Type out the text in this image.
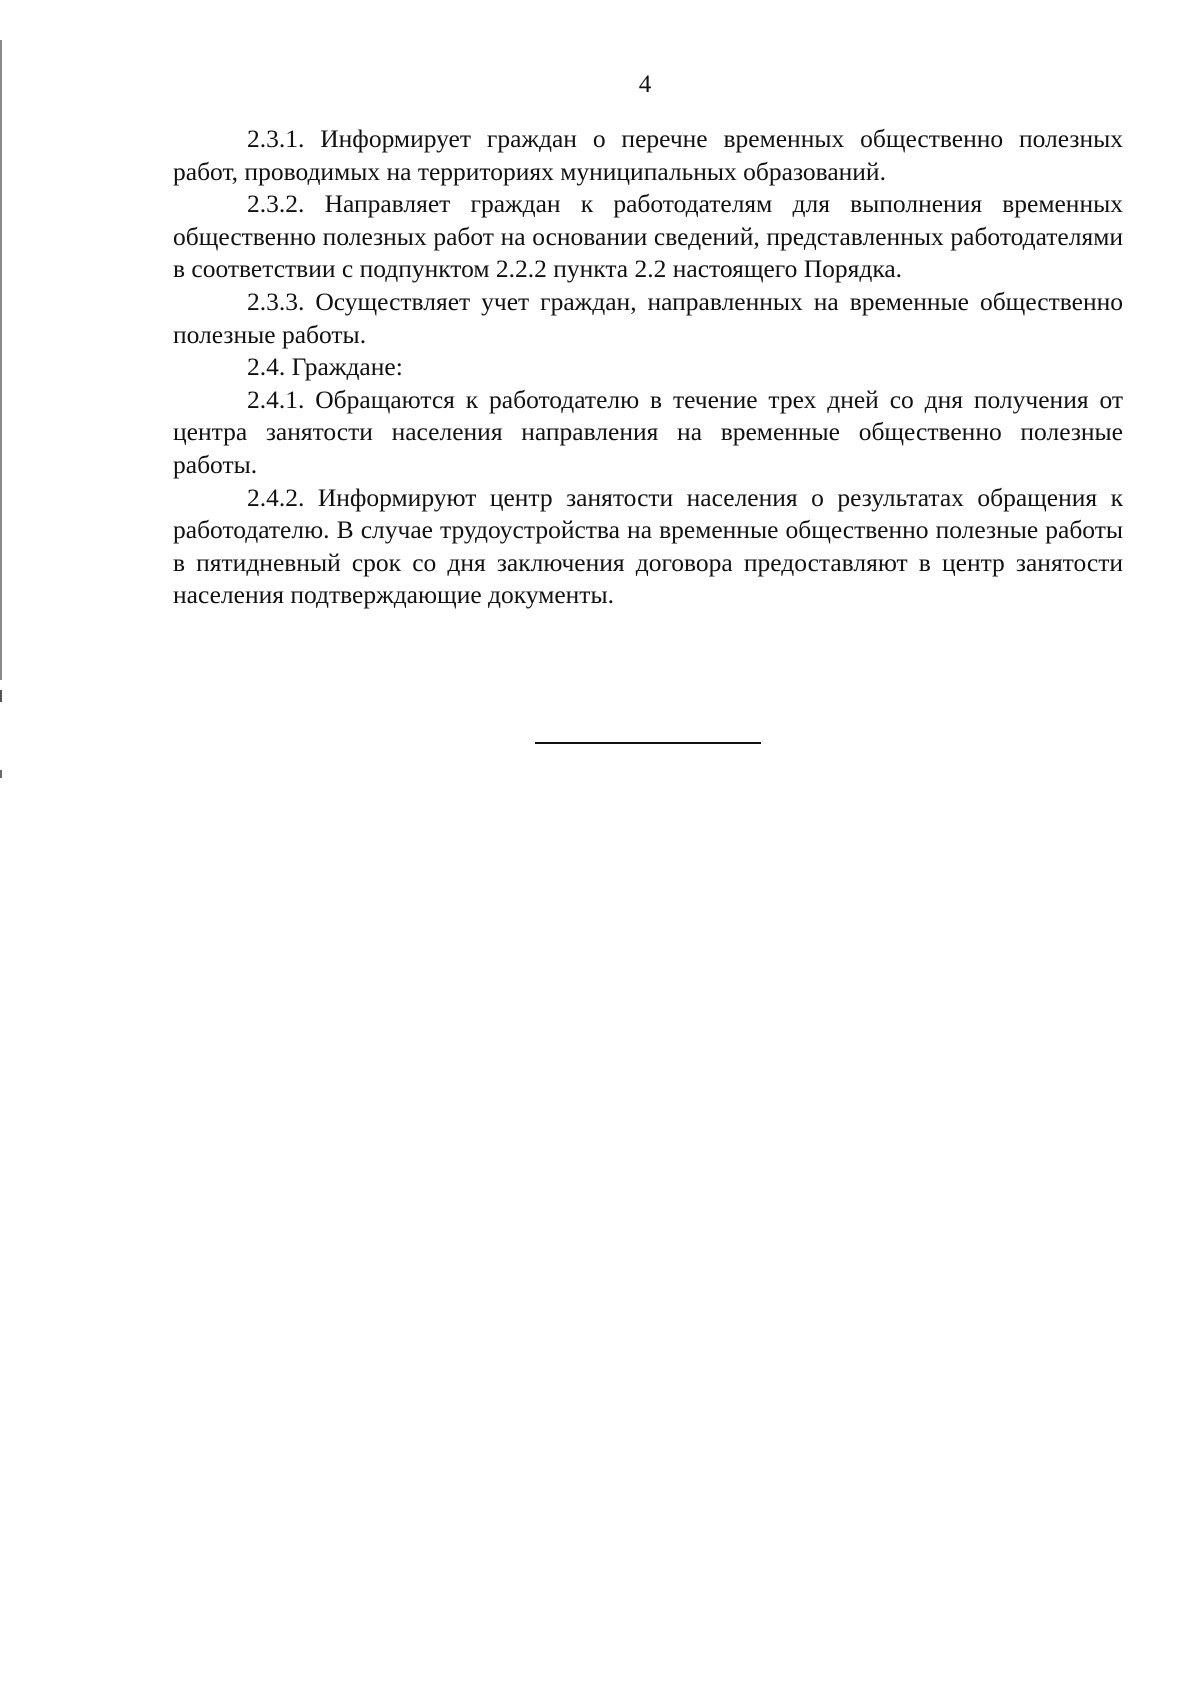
4

2.3.1. Информирует граждан о перечне временных общественно полезных работ, проводимых на территориях муниципальных образований.

2.3.2. Направляет граждан к работодателям для выполнения временных общественно полезных работ на основании сведений, представленных работодателями в соответствии с подпунктом 2.2.2 пункта 2.2 настоящего Порядка.

2.3.3. Осуществляет учет граждан, направленных на временные общественно полезные работы.

2.4. Граждане:

2.4.1. Обращаются к работодателю в течение трех дней со дня получения от центра занятости населения направления на временные общественно полезные работы.

2.4.2. Информируют центр занятости населения о результатах обращения к работодателю. В случае трудоустройства на временные общественно полезные работы в пятидневный срок со дня заключения договора предоставляют в центр занятости населения подтверждающие документы.
